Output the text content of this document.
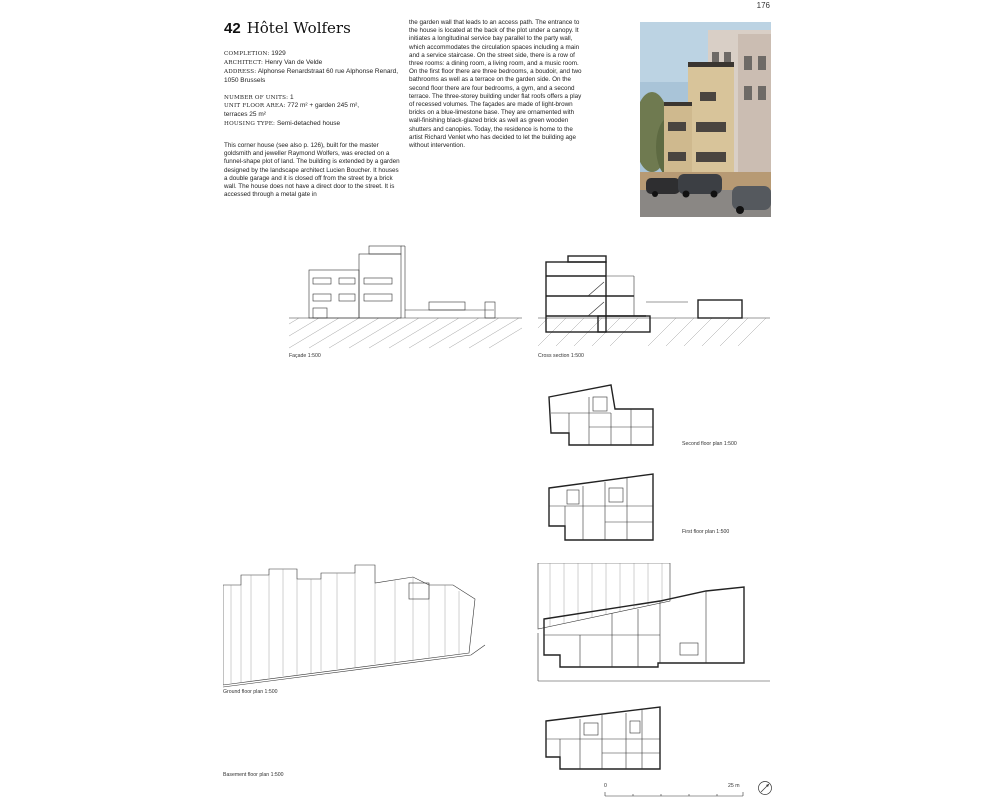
176
42 Hôtel Wolfers
COMPLETION: 1929
ARCHITECT: Henry Van de Velde
ADDRESS: Alphonse Renardstraat 60 rue Alphonse Renard, 1050 Brussels
NUMBER OF UNITS: 1
UNIT FLOOR AREA: 772 m² + garden 245 m², terraces 25 m²
HOUSING TYPE: Semi-detached house
This corner house (see also p. 126), built for the master goldsmith and jeweller Raymond Wolfers, was erected on a funnel-shape plot of land. The building is extended by a garden designed by the landscape architect Lucien Boucher. It houses a double garage and it is closed off from the street by a brick wall. The house does not have a direct door to the street. It is accessed through a metal gate in
the garden wall that leads to an access path. The entrance to the house is located at the back of the plot under a canopy. It initiates a longitudinal service bay parallel to the party wall, which accommodates the circulation spaces including a main and a service staircase. On the street side, there is a row of three rooms: a dining room, a living room, and a music room. On the first floor there are three bedrooms, a boudoir, and two bathrooms as well as a terrace on the garden side. On the second floor there are four bedrooms, a gym, and a second terrace. The three-storey building under flat roofs offers a play of recessed volumes. The façades are made of light-brown bricks on a blue-limestone base. They are ornamented with wall-finishing black-glazed brick as well as green wooden shutters and canopies. Today, the residence is home to the artist Richard Venlet who has decided to let the building age without intervention.
Façade 1:500	Cross section 1:500
Second floor plan 1:500
First floor plan 1:500
Ground floor plan 1:500
Basement floor plan 1:500
0	25 m
